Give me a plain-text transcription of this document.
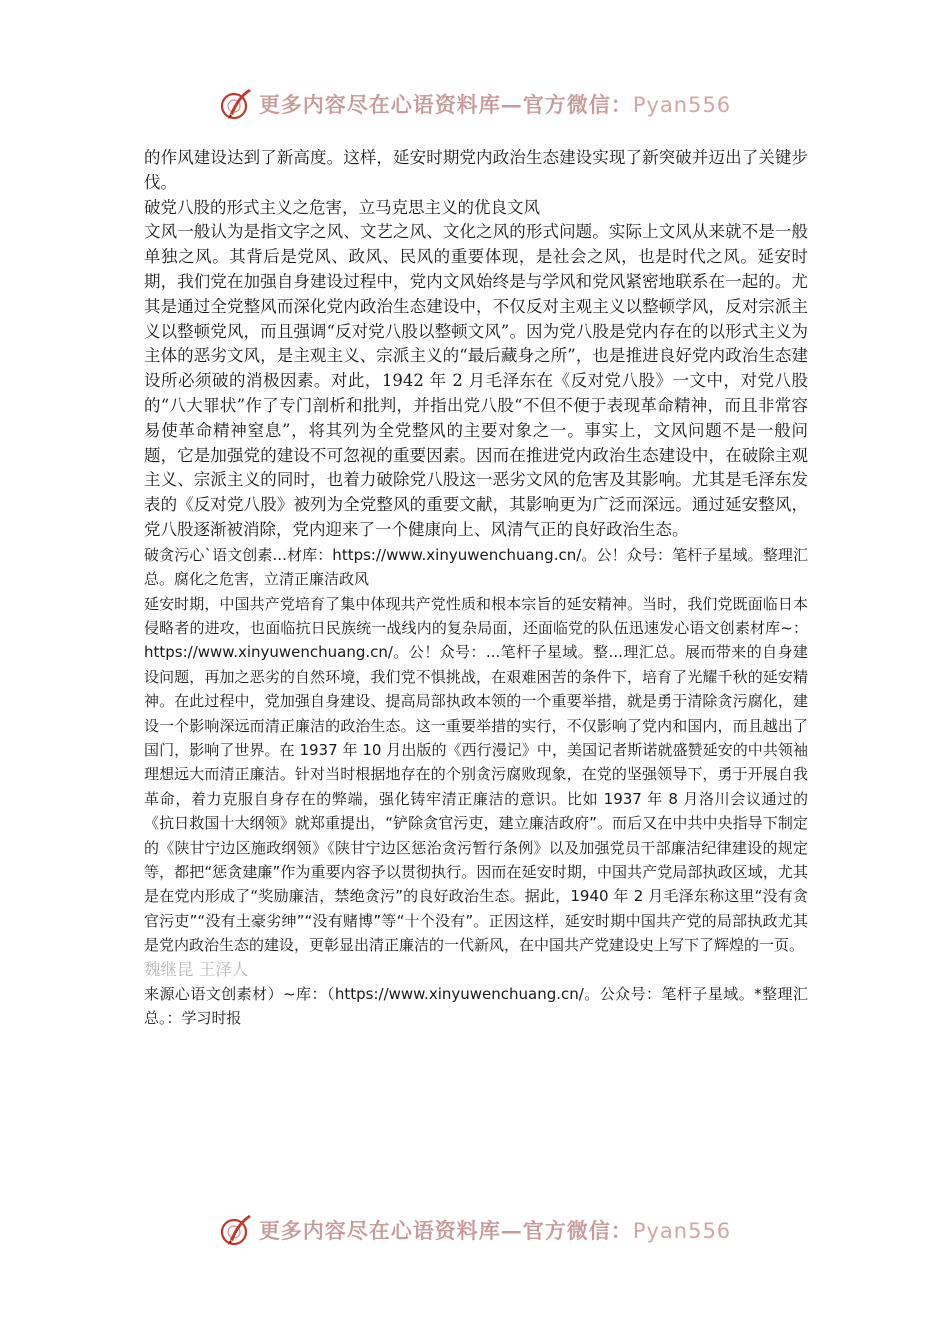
更多内容尽在心语资料库—官方微信：Pyan556

的作风建设达到了新高度。这样，延安时期党内政治生态建设实现了新突破并迈出了关键步伐。

破党八股的形式主义之危害，立马克思主义的优良文风

文风一般认为是指文字之风、文艺之风、文化之风的形式问题。实际上文风从来就不是一般单独之风。其背后是党风、政风、民风的重要体现，是社会之风，也是时代之风。延安时期，我们党在加强自身建设过程中，党内文风始终是与学风和党风紧密地联系在一起的。尤其是通过全党整风而深化党内政治生态建设中，不仅反对主观主义以整顿学风，反对宗派主义以整顿党风，而且强调“反对党八股以整顿文风”。因为党八股是党内存在的以形式主义为主体的恶劣文风，是主观主义、宗派主义的“最后藏身之所”，也是推进良好党内政治生态建设所必须破的消极因素。对此，1942 年 2 月毛泽东在《反对党八股》一文中，对党八股的“八大罪状”作了专门剖析和批判，并指出党八股“不但不便于表现革命精神，而且非常容易使革命精神窒息”，将其列为全党整风的主要对象之一。事实上，文风问题不是一般问题，它是加强党的建设不可忽视的重要因素。因而在推进党内政治生态建设中，在破除主观主义、宗派主义的同时，也着力破除党八股这一恶劣文风的危害及其影响。尤其是毛泽东发表的《反对党八股》被列为全党整风的重要文献，其影响更为广泛而深远。通过延安整风，党八股逐渐被消除，党内迎来了一个健康向上、风清气正的良好政治生态。

破贪污心`语文创素...材库：https://www.xinyuwenchuang.cn/。公！众号：笔杆子星域。整理汇总。腐化之危害，立清正廉洁政风

延安时期，中国共产党培育了集中体现共产党性质和根本宗旨的延安精神。当时，我们党既面临日本侵略者的进攻，也面临抗日民族统一战线内的复杂局面，还面临党的队伍迅速发心语文创素材库~：https://www.xinyuwenchuang.cn/。公！众号：...笔杆子星域。整...理汇总。展而带来的自身建设问题，再加之恶劣的自然环境，我们党不惧挑战，在艰难困苦的条件下，培育了光耀千秋的延安精神。在此过程中，党加强自身建设、提高局部执政本领的一个重要举措，就是勇于清除贪污腐化，建设一个影响深远而清正廉洁的政治生态。这一重要举措的实行，不仅影响了党内和国内，而且越出了国门，影响了世界。在 1937 年 10 月出版的《西行漫记》中，美国记者斯诺就盛赞延安的中共领袖理想远大而清正廉洁。针对当时根据地存在的个别贪污腐败现象，在党的坚强领导下，勇于开展自我革命，着力克服自身存在的弊端，强化铸牢清正廉洁的意识。比如 1937 年 8 月洛川会议通过的《抗日救国十大纲领》就郑重提出，“铲除贪官污吏，建立廉洁政府”。而后又在中共中央指导下制定的《陕甘宁边区施政纲领》《陕甘宁边区惩治贪污暂行条例》以及加强党员干部廉洁纪律建设的规定等，都把“惩贪建廉”作为重要内容予以贯彻执行。因而在延安时期，中国共产党局部执政区域，尤其是在党内形成了“奖励廉洁，禁绝贪污”的良好政治生态。据此，1940 年 2 月毛泽东称这里“没有贪官污吏”“没有土豪劣绅”“没有赌博”等“十个没有”。正因这样，延安时期中国共产党的局部执政尤其是党内政治生态的建设，更彰显出清正廉洁的一代新风，在中国共产党建设史上写下了辉煌的一页。

魏继昆 王泽人

来源心语文创素材）~库：（https://www.xinyuwenchuang.cn/。公众号：笔杆子星域。*整理汇总。：学习时报

更多内容尽在心语资料库—官方微信：Pyan556
